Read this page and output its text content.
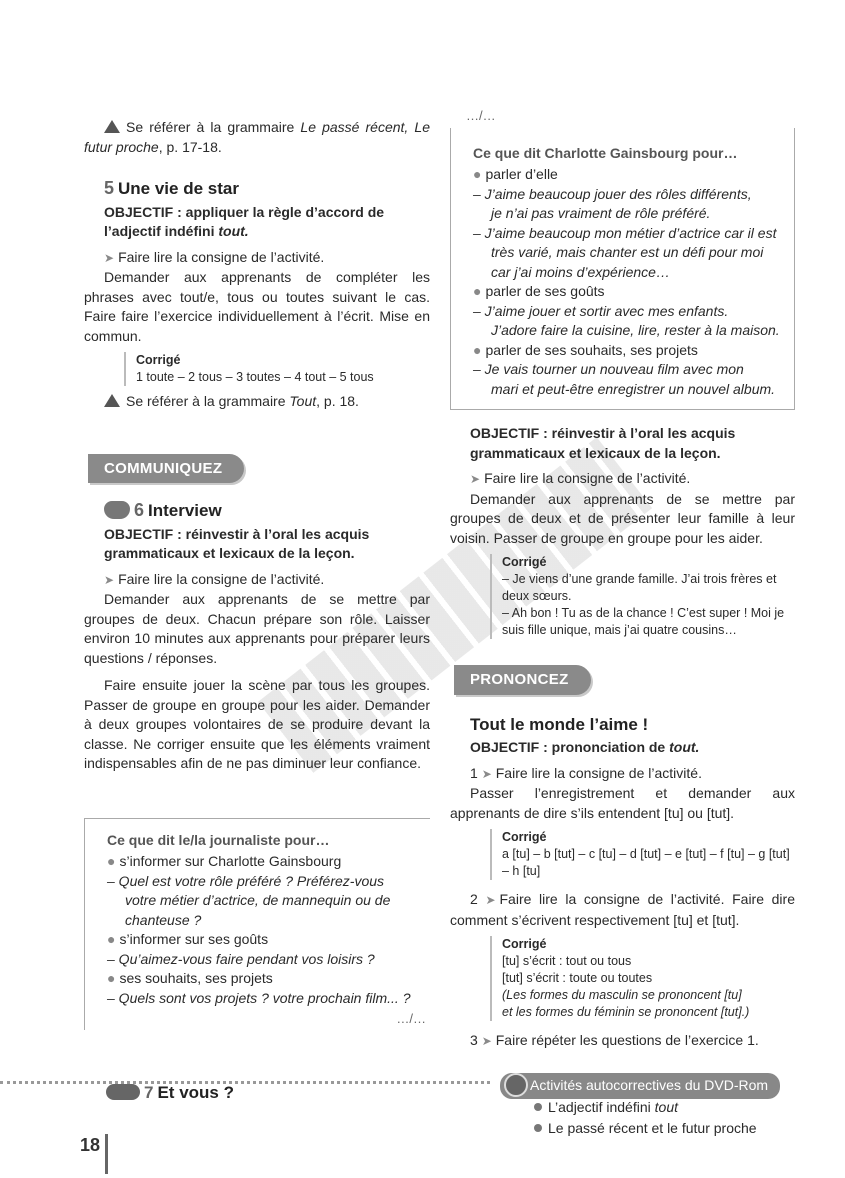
Se référer à la grammaire Le passé récent, Le futur proche, p. 17-18.

5 Une vie de star

OBJECTIF : appliquer la règle d’accord de l’adjectif indéfini tout.

➤ Faire lire la consigne de l’activité.

Demander aux apprenants de compléter les phrases avec tout/e, tous ou toutes suivant le cas. Faire faire l’exercice individuellement à l’écrit. Mise en commun.

Corrigé
1 toute – 2 tous – 3 toutes – 4 tout – 5 tous

Se référer à la grammaire Tout, p. 18.

COMMUNIQUEZ
6 Interview

OBJECTIF : réinvestir à l’oral les acquis grammaticaux et lexicaux de la leçon.

➤ Faire lire la consigne de l’activité.

Demander aux apprenants de se mettre par groupes de deux. Chacun prépare son rôle. Laisser environ 10 minutes aux apprenants pour préparer leurs questions / réponses.

Faire ensuite jouer la scène par tous les groupes. Passer de groupe en groupe pour les aider. Demander à deux groupes volontaires de se produire devant la classe. Ne corriger ensuite que les éléments vraiment indispensables afin de ne pas diminuer leur confiance.

Ce que dit le/la journaliste pour…
● s’informer sur Charlotte Gainsbourg
– Quel est votre rôle préféré ? Préférez-vous
votre métier d’actrice, de mannequin ou de
chanteuse ?
● s’informer sur ses goûts
– Qu’aimez-vous faire pendant vos loisirs ?
● ses souhaits, ses projets
– Quels sont vos projets ? votre prochain film... ?
…/…
…/…
Ce que dit Charlotte Gainsbourg pour…
● parler d’elle
– J’aime beaucoup jouer des rôles différents,
je n’ai pas vraiment de rôle préféré.
– J’aime beaucoup mon métier d’actrice car il est
très varié, mais chanter est un défi pour moi
car j’ai moins d’expérience…
● parler de ses goûts
– J’aime jouer et sortir avec mes enfants.
J’adore faire la cuisine, lire, rester à la maison.
● parler de ses souhaits, ses projets
– Je vais tourner un nouveau film avec mon
mari et peut-être enregistrer un nouvel album.

OBJECTIF : réinvestir à l’oral les acquis grammaticaux et lexicaux de la leçon.

➤ Faire lire la consigne de l’activité.

Demander aux apprenants de se mettre par groupes de deux et de présenter leur famille à leur voisin. Passer de groupe en groupe pour les aider.

Corrigé
– Je viens d’une grande famille. J’ai trois frères et deux sœurs.
– Ah bon ! Tu as de la chance ! C’est super ! Moi je suis fille unique, mais j’ai quatre cousins…
PRONONCEZ
Tout le monde l’aime !

OBJECTIF : prononciation de tout.

1 ➤ Faire lire la consigne de l’activité.

Passer l’enregistrement et demander aux apprenants de dire s’ils entendent [tu] ou [tut].

Corrigé
a [tu] – b [tut] – c [tu] – d [tut] – e [tut] – f [tu] – g [tut] – h [tu]

2 ➤ Faire lire la consigne de l’activité. Faire dire comment s’écrivent respectivement [tu] et [tut].

Corrigé
[tu] s’écrit : tout ou tous
[tut] s’écrit : toute ou toutes
(Les formes du masculin se prononcent [tu]
et les formes du féminin se prononcent [tut].)

3 ➤ Faire répéter les questions de l’exercice 1.

7 Et vous ?	Activités autocorrectives du DVD-Rom
L’adjectif indéfini tout
Le passé récent et le futur proche
18
